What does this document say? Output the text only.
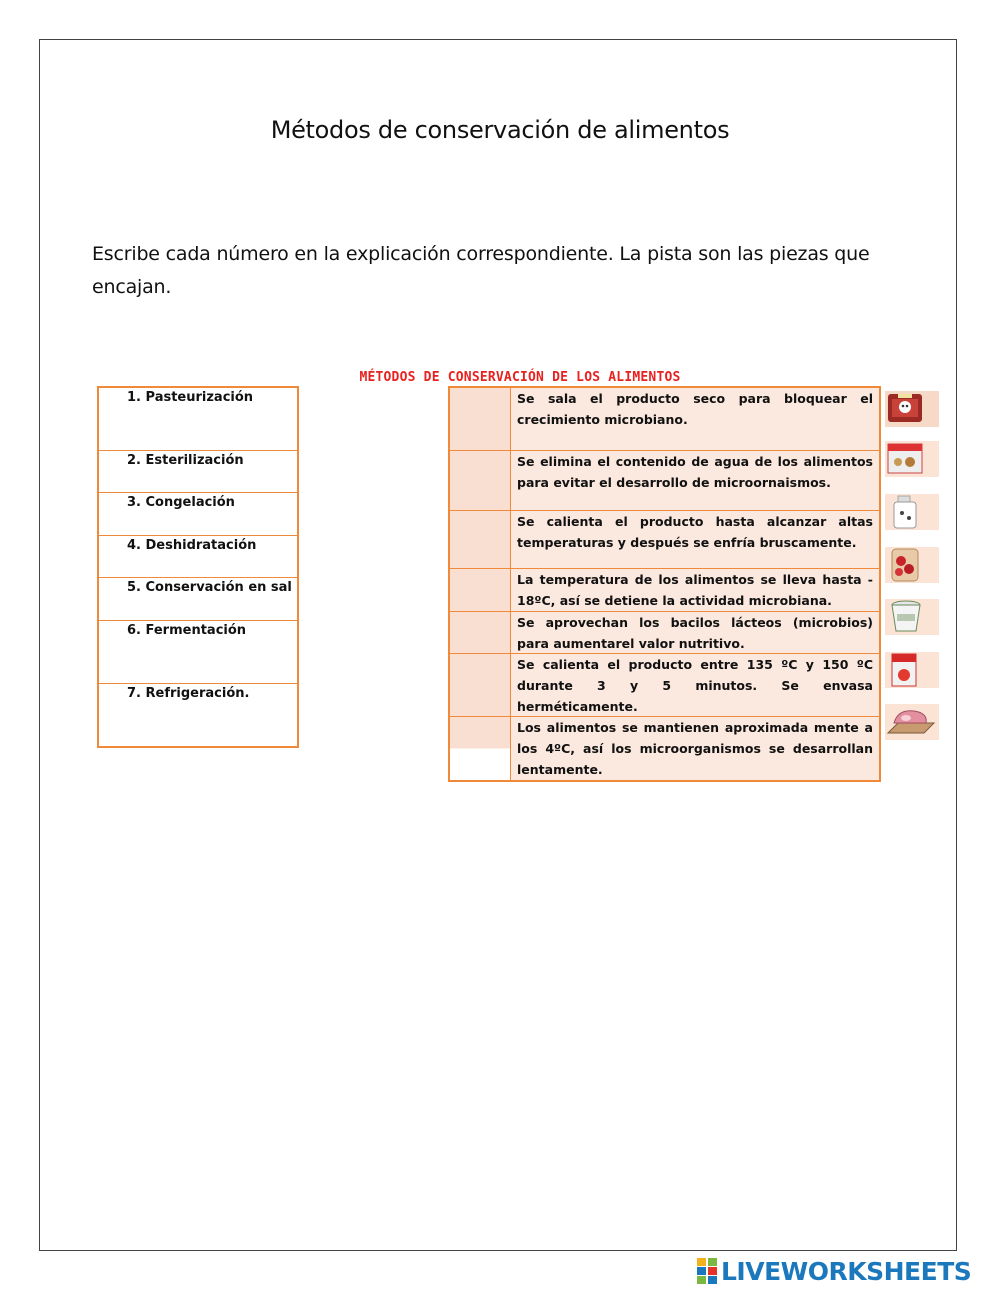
Métodos de conservación de alimentos
Escribe cada número en la explicación correspondiente. La pista son las piezas que encajan.
MÉTODOS DE CONSERVACIÓN DE LOS ALIMENTOS
1. Pasteurización
2. Esterilización
3. Congelación
4. Deshidratación
5. Conservación en sal
6. Fermentación
7. Refrigeración.
Se sala el producto seco para bloquear el crecimiento microbiano.
Se elimina el contenido de agua de los alimentos para evitar el desarrollo de microornaismos.
Se calienta el producto hasta alcanzar altas temperaturas y después se enfría bruscamente.
La temperatura de los alimentos se lleva hasta - 18ºC, así se detiene la actividad microbiana.
Se aprovechan los bacilos lácteos (microbios) para aumentarel valor nutritivo.
Se calienta el producto entre 135 ºC y 150 ºC durante 3 y 5 minutos. Se envasa herméticamente.
Los alimentos se mantienen aproximada mente a los 4ºC, así los microorganismos se desarrollan lentamente.
LIVEWORKSHEETS
